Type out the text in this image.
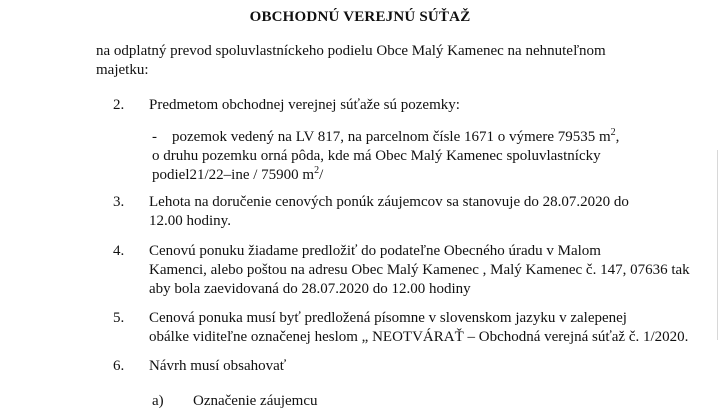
OBCHODNÚ VEREJNÚ SÚŤAŽ
na odplatný prevod spoluvlastníckeho podielu Obce Malý Kamenec na nehnuteľnom
majetku:
2. Predmetom obchodnej verejnej súťaže sú pozemky:
- pozemok vedený na LV 817, na parcelnom čísle 1671 o výmere 79535 $m^2$,
o druhu pozemku orná pôda, kde má Obec Malý Kamenec spoluvlastnícky
podiel21/22–ine / 75900 $m^2/$
3. Lehota na doručenie cenových ponúk záujemcov sa stanovuje do 28.07.2020 do
12.00 hodiny.
4. Cenovú ponuku žiadame predložiť do podateľne Obecného úradu v Malom
Kamenci, alebo poštou na adresu Obec Malý Kamenec , Malý Kamenec č. 147, 07636 tak
aby bola zaevidovaná do 28.07.2020 do 12.00 hodiny
5. Cenová ponuka musí byť predložená písomne v slovenskom jazyku v zalepenej
obálke viditeľne označenej heslom „ NEOTVÁRAŤ – Obchodná verejná súťaž č. 1/2020.
6. Návrh musí obsahovať
a) Označenie záujemcu
